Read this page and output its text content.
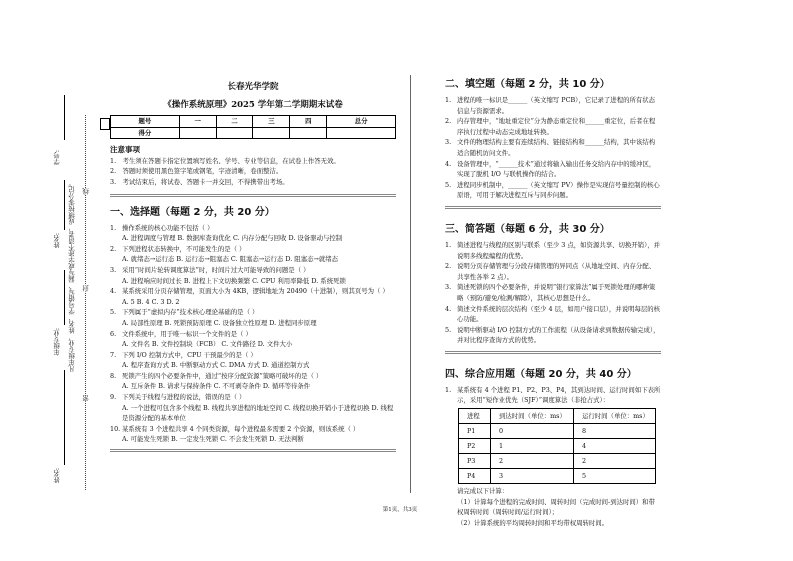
学号:
姓名:
年级专业:
姓名:
凡年级专业、姓名、学号错写、漏写或字迹不清者，成绩按零分记。
密
封
线
长春光华学院
《操作系统原理》2025 学年第二学期期末试卷
题号	一	二	三	四	总分
得分					
注意事项
1.　考生须在答题卡指定位置填写姓名、学号、专业等信息，在试卷上作答无效。
2.　答题时须使用黑色签字笔或钢笔，字迹清晰，卷面整洁。
3.　考试结束后，将试卷、答题卡一并交回，不得携带出考场。
一、选择题（每题 2 分，共 20 分）
1. 操作系统的核心功能不包括（ ）
A. 进程调度与管理 B. 数据库查询优化 C. 内存分配与回收 D. 设备驱动与控制
2. 下列进程状态转换中，不可能发生的是（ ）
A. 就绪态→运行态 B. 运行态→阻塞态 C. 阻塞态→运行态 D. 阻塞态→就绪态
3. 采用“时间片轮转调度算法”时，时间片过大可能导致的问题是（ ）
A. 进程响应时间过长 B. 进程上下文切换频繁 C. CPU 利用率降低 D. 系统死锁
4. 某系统采用分页存储管理，页面大小为 4KB，逻辑地址为 20490（十进制），则其页号为（ ）
A. 5 B. 4 C. 3 D. 2
5. 下列属于“虚拟内存”技术核心理论基础的是（ ）
A. 局部性原理 B. 死锁预防原理 C. 设备独立性原理 D. 进程同步原理
6. 文件系统中，用于唯一标识一个文件的是（ ）
A. 文件名 B. 文件控制块（FCB） C. 文件路径 D. 文件大小
7. 下列 I/O 控制方式中，CPU 干预最少的是（ ）
A. 程序查询方式 B. 中断驱动方式 C. DMA 方式 D. 通道控制方式
8. 死锁产生的四个必要条件中，通过“按序分配资源”策略可破坏的是（ ）
A. 互斥条件 B. 请求与保持条件 C. 不可剥夺条件 D. 循环等待条件
9. 下列关于线程与进程的说法，错误的是（ ）
A. 一个进程可包含多个线程 B. 线程共享进程的地址空间 C. 线程切换开销小于进程切换 D. 线程是资源分配的基本单位
10. 某系统有 3 个进程共享 4 个同类资源，每个进程最多需要 2 个资源，则该系统（ ）
A. 可能发生死锁 B. 一定发生死锁 C. 不会发生死锁 D. 无法判断
二、填空题（每题 2 分，共 10 分）
1. 进程的唯一标识是______（英文缩写 PCB），它记录了进程的所有状态信息与资源需求。
2. 内存管理中，“地址重定位”分为静态重定位和______重定位，后者在程序执行过程中动态完成地址转换。
3. 文件的物理结构主要有连续结构、链接结构和______结构，其中该结构适合随机访问文件。
4. 设备管理中，“______技术”通过将输入输出任务交给内存中的缓冲区，实现了脱机 I/O 与联机操作的结合。
5. 进程同步机制中，______（英文缩写 PV）操作是实现信号量控制的核心原语，可用于解决进程互斥与同步问题。
三、简答题（每题 6 分，共 30 分）
1. 简述进程与线程的区别与联系（至少 3 点，如资源共享、切换开销），并说明多线程编程的优势。
2. 说明分页存储管理与分段存储管理的异同点（从地址空间、内存分配、共享性各举 2 点）。
3. 简述死锁的四个必要条件，并说明“银行家算法”属于死锁处理的哪种策略（预防/避免/检测/解除），其核心思想是什么。
4. 简述文件系统的层次结构（至少 4 层，如用户接口层），并说明每层的核心功能。
5. 说明中断驱动 I/O 控制方式的工作流程（从设备请求到数据传输完成），并对比程序查询方式的优势。
四、综合应用题（每题 20 分，共 40 分）
1. 某系统有 4 个进程 P1、P2、P3、P4，其到达时间、运行时间如下表所示，采用“短作业优先（SJF）”调度算法（非抢占式）：
进程	到达时间（单位：ms）	运行时间（单位：ms）
P1	0	8
P2	1	4
P3	2	2
P4	3	5
请完成以下计算：
（1）计算每个进程的完成时间、周转时间（完成时间-到达时间）和带权周转时间（周转时间/运行时间）；
（2）计算系统的平均周转时间和平均带权周转时间。
第1页，共3页
